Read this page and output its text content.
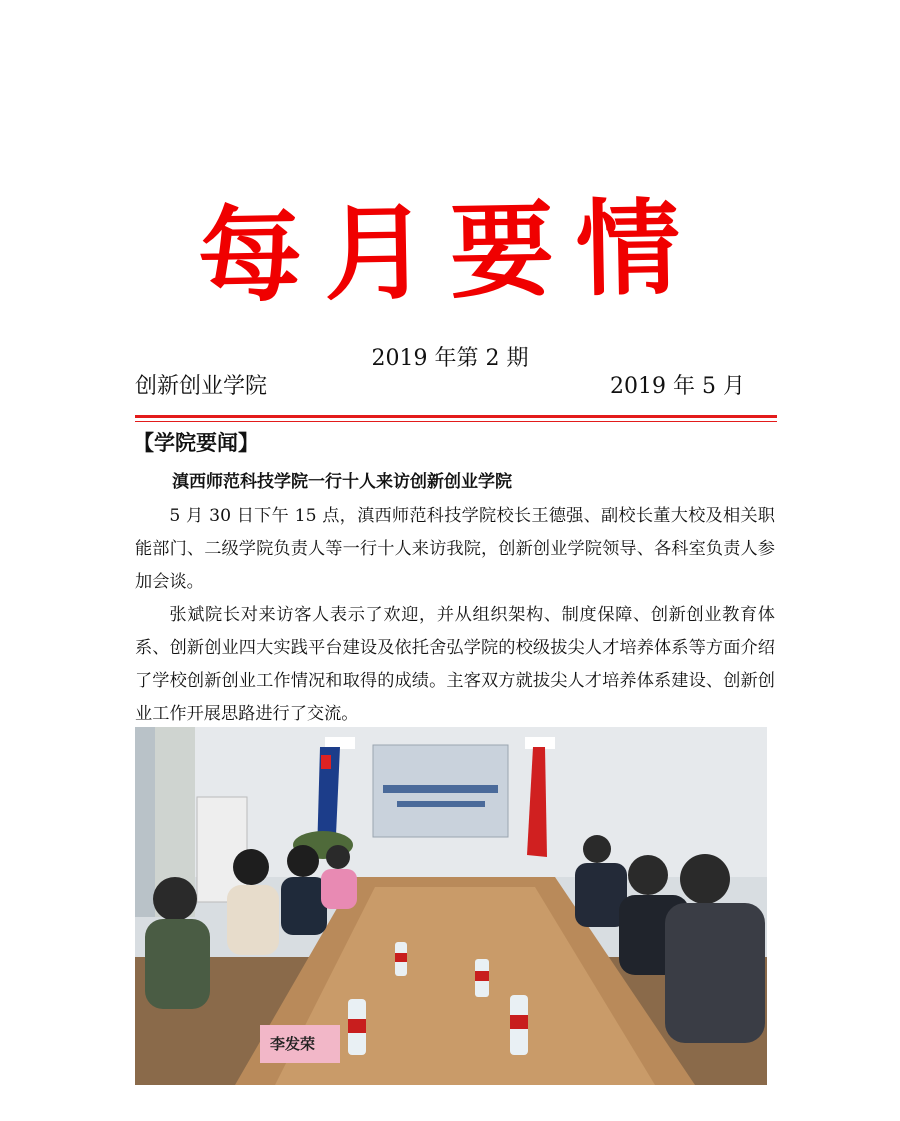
每月要情
2019 年第 2 期
创新创业学院	2019 年 5 月
【学院要闻】
滇西师范科技学院一行十人来访创新创业学院

5 月 30 日下午 15 点，滇西师范科技学院校长王德强、副校长董大校及相关职能部门、二级学院负责人等一行十人来访我院，创新创业学院领导、各科室负责人参加会谈。

张斌院长对来访客人表示了欢迎，并从组织架构、制度保障、创新创业教育体系、创新创业四大实践平台建设及依托舍弘学院的校级拔尖人才培养体系等方面介绍了学校创新创业工作情况和取得的成绩。主客双方就拔尖人才培养体系建设、创新创业工作开展思路进行了交流。

李发荣
